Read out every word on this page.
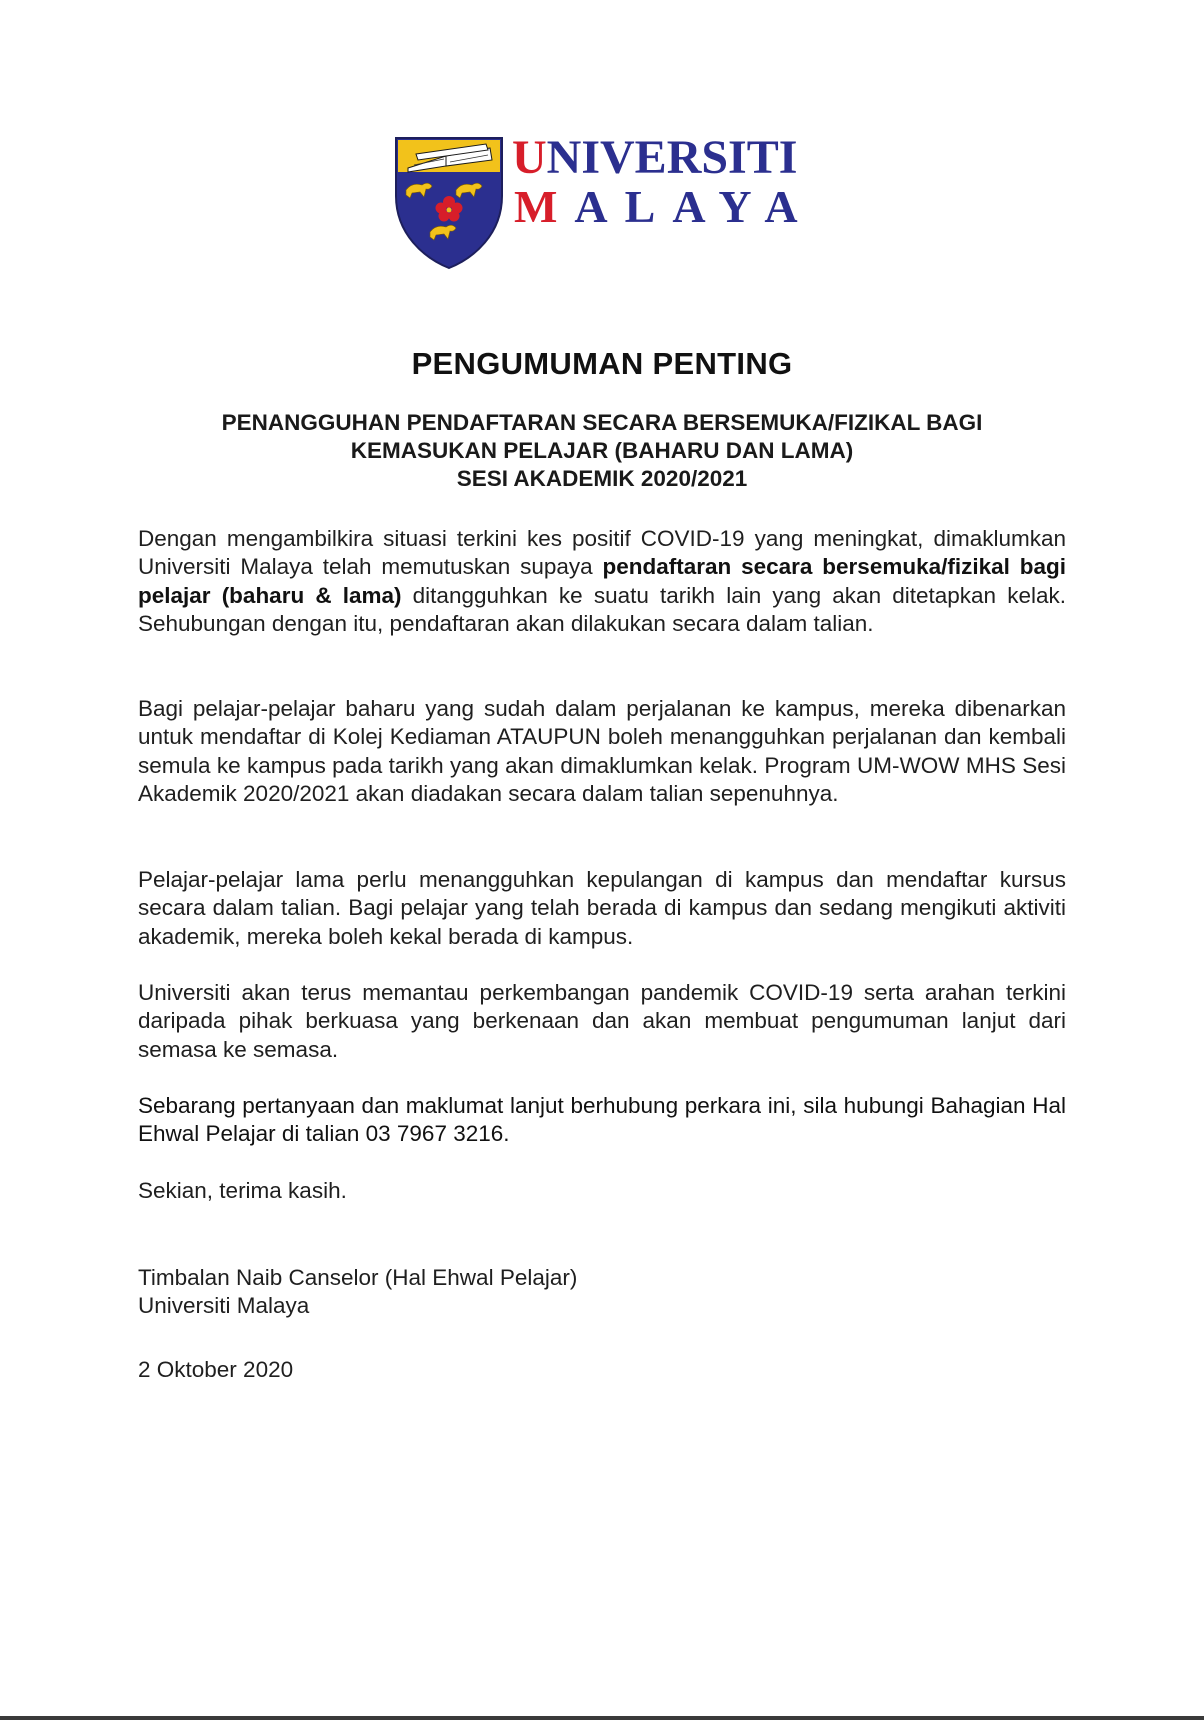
UNIVERSITI
MALAYA
PENGUMUMAN PENTING
PENANGGUHAN PENDAFTARAN SECARA BERSEMUKA/FIZIKAL BAGI
KEMASUKAN PELAJAR (BAHARU DAN LAMA)
SESI AKADEMIK 2020/2021
Dengan mengambilkira situasi terkini kes positif COVID-19 yang meningkat, dimaklumkan Universiti Malaya telah memutuskan supaya pendaftaran secara bersemuka/fizikal bagi pelajar (baharu & lama) ditangguhkan ke suatu tarikh lain yang akan ditetapkan kelak. Sehubungan dengan itu, pendaftaran akan dilakukan secara dalam talian.
Bagi pelajar-pelajar baharu yang sudah dalam perjalanan ke kampus, mereka dibenarkan untuk mendaftar di Kolej Kediaman ATAUPUN boleh menangguhkan perjalanan dan kembali semula ke kampus pada tarikh yang akan dimaklumkan kelak. Program UM-WOW MHS Sesi Akademik 2020/2021 akan diadakan secara dalam talian sepenuhnya.
Pelajar-pelajar lama perlu menangguhkan kepulangan di kampus dan mendaftar kursus secara dalam talian. Bagi pelajar yang telah berada di kampus dan sedang mengikuti aktiviti akademik, mereka boleh kekal berada di kampus.
Universiti akan terus memantau perkembangan pandemik COVID-19 serta arahan terkini daripada pihak berkuasa yang berkenaan dan akan membuat pengumuman lanjut dari semasa ke semasa.
Sebarang pertanyaan dan maklumat lanjut berhubung perkara ini, sila hubungi Bahagian Hal Ehwal Pelajar di talian 03 7967 3216.
Sekian, terima kasih.
Timbalan Naib Canselor (Hal Ehwal Pelajar)
Universiti Malaya
2 Oktober 2020
